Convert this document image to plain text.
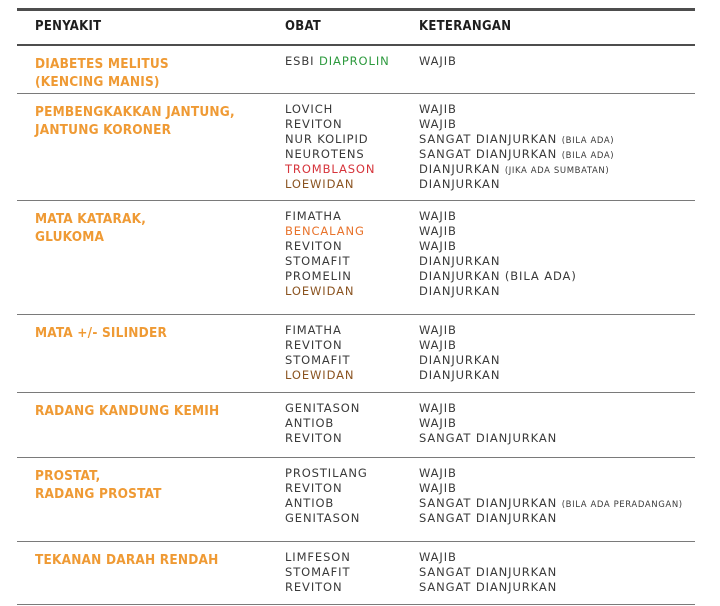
PENYAKIT	OBAT	KETERANGAN
DIABETES MELITUS
(KENCING MANIS)
ESBI DIAPROLIN	WAJIB
PEMBENGKAKKAN JANTUNG,
JANTUNG KORONER
LOVICH	WAJIB
REVITON	WAJIB
NUR KOLIPID	SANGAT DIANJURKAN (BILA ADA)
NEUROTENS	SANGAT DIANJURKAN (BILA ADA)
TROMBLASON	DIANJURKAN (JIKA ADA SUMBATAN)
LOEWIDAN	DIANJURKAN
MATA KATARAK,
GLUKOMA
FIMATHA	WAJIB
BENCALANG	WAJIB
REVITON	WAJIB
STOMAFIT	DIANJURKAN
PROMELIN	DIANJURKAN (BILA ADA)
LOEWIDAN	DIANJURKAN
MATA +/- SILINDER	FIMATHA	WAJIB
REVITON	WAJIB
STOMAFIT	DIANJURKAN
LOEWIDAN	DIANJURKAN
RADANG KANDUNG KEMIH	GENITASON	WAJIB
ANTIOB	WAJIB
REVITON	SANGAT DIANJURKAN
PROSTAT,
RADANG PROSTAT
PROSTILANG	WAJIB
REVITON	WAJIB
ANTIOB	SANGAT DIANJURKAN (BILA ADA PERADANGAN)
GENITASON	SANGAT DIANJURKAN
TEKANAN DARAH RENDAH	LIMFESON	WAJIB
STOMAFIT	SANGAT DIANJURKAN
REVITON	SANGAT DIANJURKAN
